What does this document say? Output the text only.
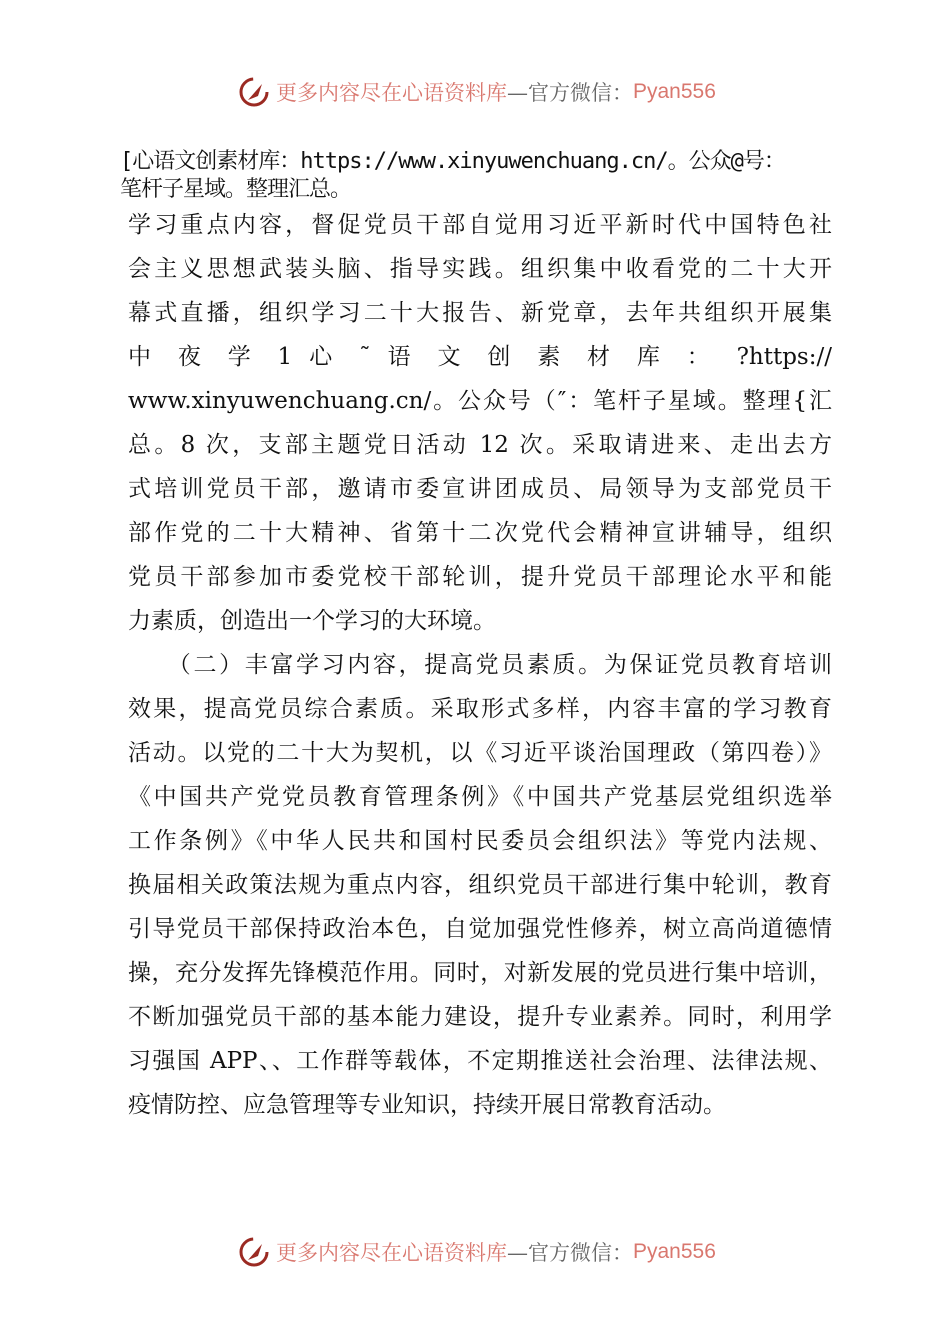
更多内容尽在心语资料库 —官方微信： Pyan556
[心语文创素材库：https://www.xinyuwenchuang.cn/。公众@号：
笔杆子星域。整理汇总。
学习重点内容，督促党员干部自觉用习近平新时代中国特色社
会主义思想武装头脑、指导实践。组织集中收看党的二十大开
幕式直播，组织学习二十大报告、新党章，去年共组织开展集
中 夜 学 1 心 ˜ 语 文 创 素 材 库 ： ?https://
www.xinyuwenchuang.cn/。公众号（″：笔杆子星域。整理{汇
总。8 次，支部主题党日活动 12 次。采取请进来、走出去方
式培训党员干部，邀请市委宣讲团成员、局领导为支部党员干
部作党的二十大精神、省第十二次党代会精神宣讲辅导，组织
党员干部参加市委党校干部轮训，提升党员干部理论水平和能
力素质，创造出一个学习的大环境。
　　（二）丰富学习内容，提高党员素质。为保证党员教育培训
效果，提高党员综合素质。采取形式多样，内容丰富的学习教育
活动。以党的二十大为契机，以《习近平谈治国理政（第四卷）》
《中国共产党党员教育管理条例》《中国共产党基层党组织选举
工作条例》《中华人民共和国村民委员会组织法》等党内法规、
换届相关政策法规为重点内容，组织党员干部进行集中轮训，教育
引导党员干部保持政治本色，自觉加强党性修养，树立高尚道德情
操，充分发挥先锋模范作用。同时，对新发展的党员进行集中培训，
不断加强党员干部的基本能力建设，提升专业素养。同时，利用学
习强国 APP、、工作群等载体，不定期推送社会治理、法律法规、
疫情防控、应急管理等专业知识，持续开展日常教育活动。
更多内容尽在心语资料库 —官方微信： Pyan556
